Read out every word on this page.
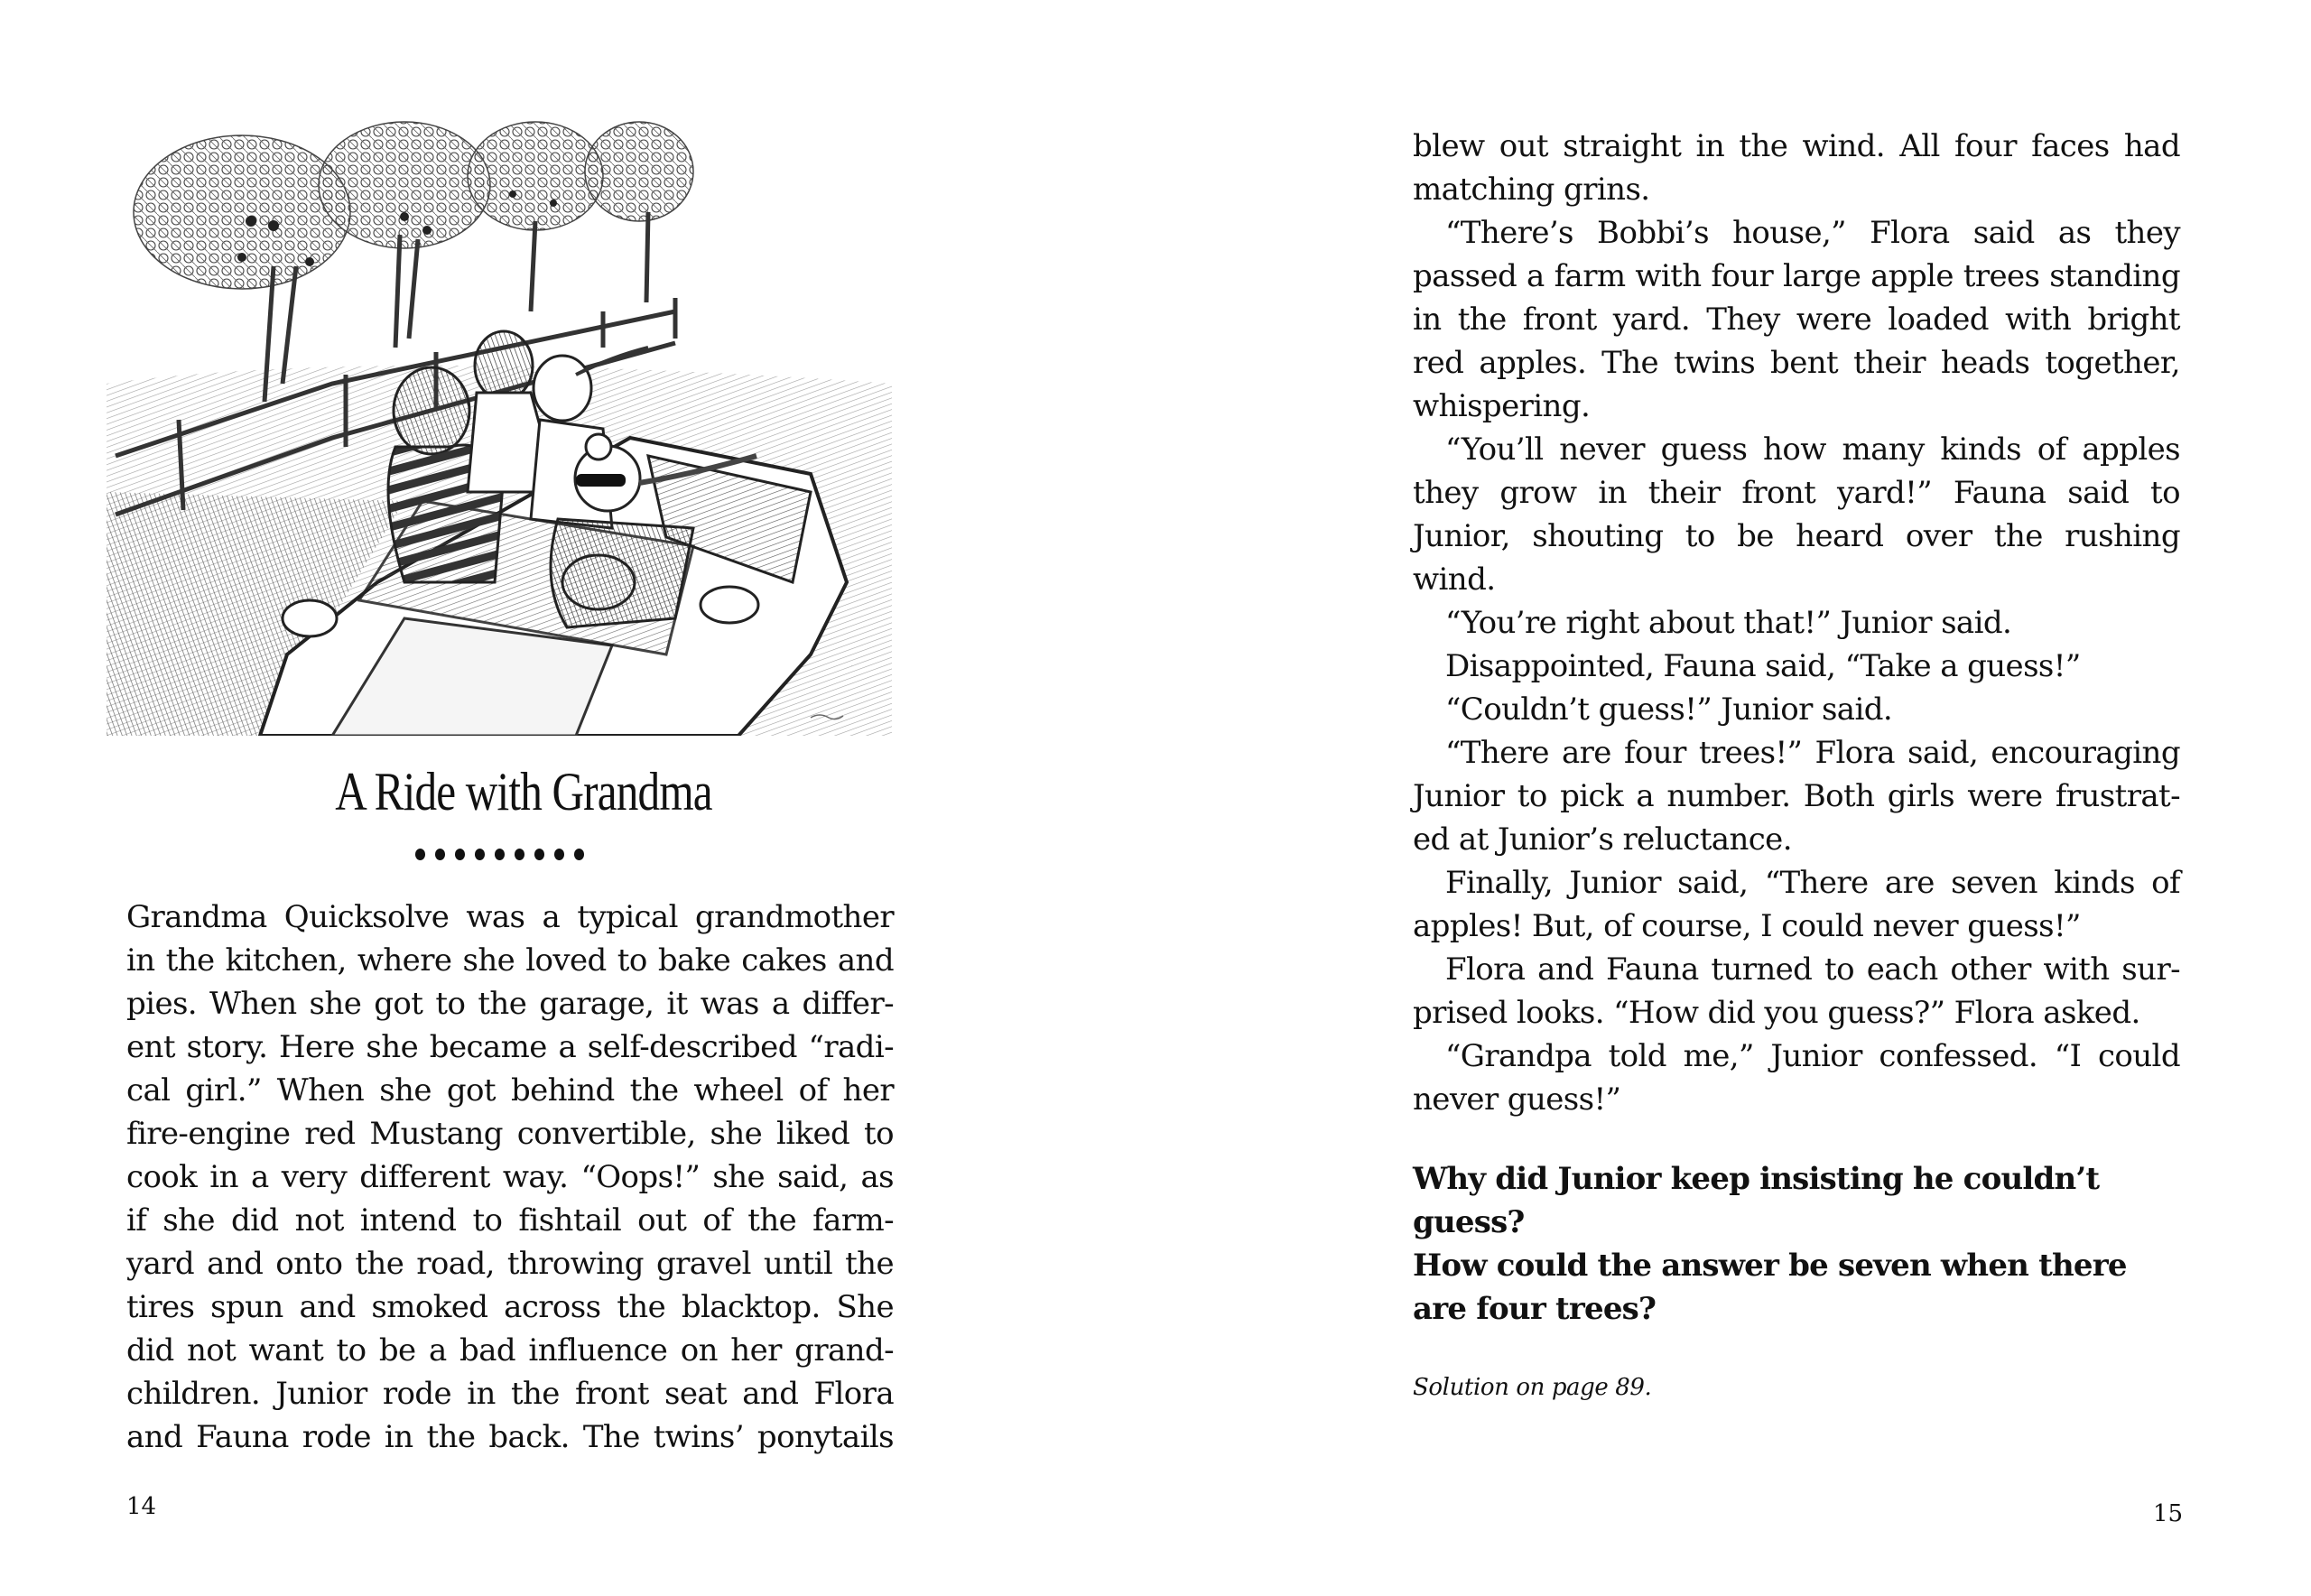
A Ride with Grandma
Grandma Quicksolve was a typical grandmother
in the kitchen, where she loved to bake cakes and
pies. When she got to the garage, it was a differ-
ent story. Here she became a self-described “radi-
cal girl.” When she got behind the wheel of her
fire-engine red Mustang convertible, she liked to
cook in a very different way. “Oops!” she said, as
if she did not intend to fishtail out of the farm-
yard and onto the road, throwing gravel until the
tires spun and smoked across the blacktop. She
did not want to be a bad influence on her grand-
children. Junior rode in the front seat and Flora
and Fauna rode in the back. The twins’ ponytails
14
blew out straight in the wind. All four faces had
matching grins.
“There’s Bobbi’s house,” Flora said as they
passed a farm with four large apple trees standing
in the front yard. They were loaded with bright
red apples. The twins bent their heads together,
whispering.
“You’ll never guess how many kinds of apples
they grow in their front yard!” Fauna said to
Junior, shouting to be heard over the rushing
wind.
“You’re right about that!” Junior said.
Disappointed, Fauna said, “Take a guess!”
“Couldn’t guess!” Junior said.
“There are four trees!” Flora said, encouraging
Junior to pick a number. Both girls were frustrat-
ed at Junior’s reluctance.
Finally, Junior said, “There are seven kinds of
apples! But, of course, I could never guess!”
Flora and Fauna turned to each other with sur-
prised looks. “How did you guess?” Flora asked.
“Grandpa told me,” Junior confessed. “I could
never guess!”

Why did Junior keep insisting he couldn’t

guess?

How could the answer be seven when there

are four trees?

Solution on page 89.
15
